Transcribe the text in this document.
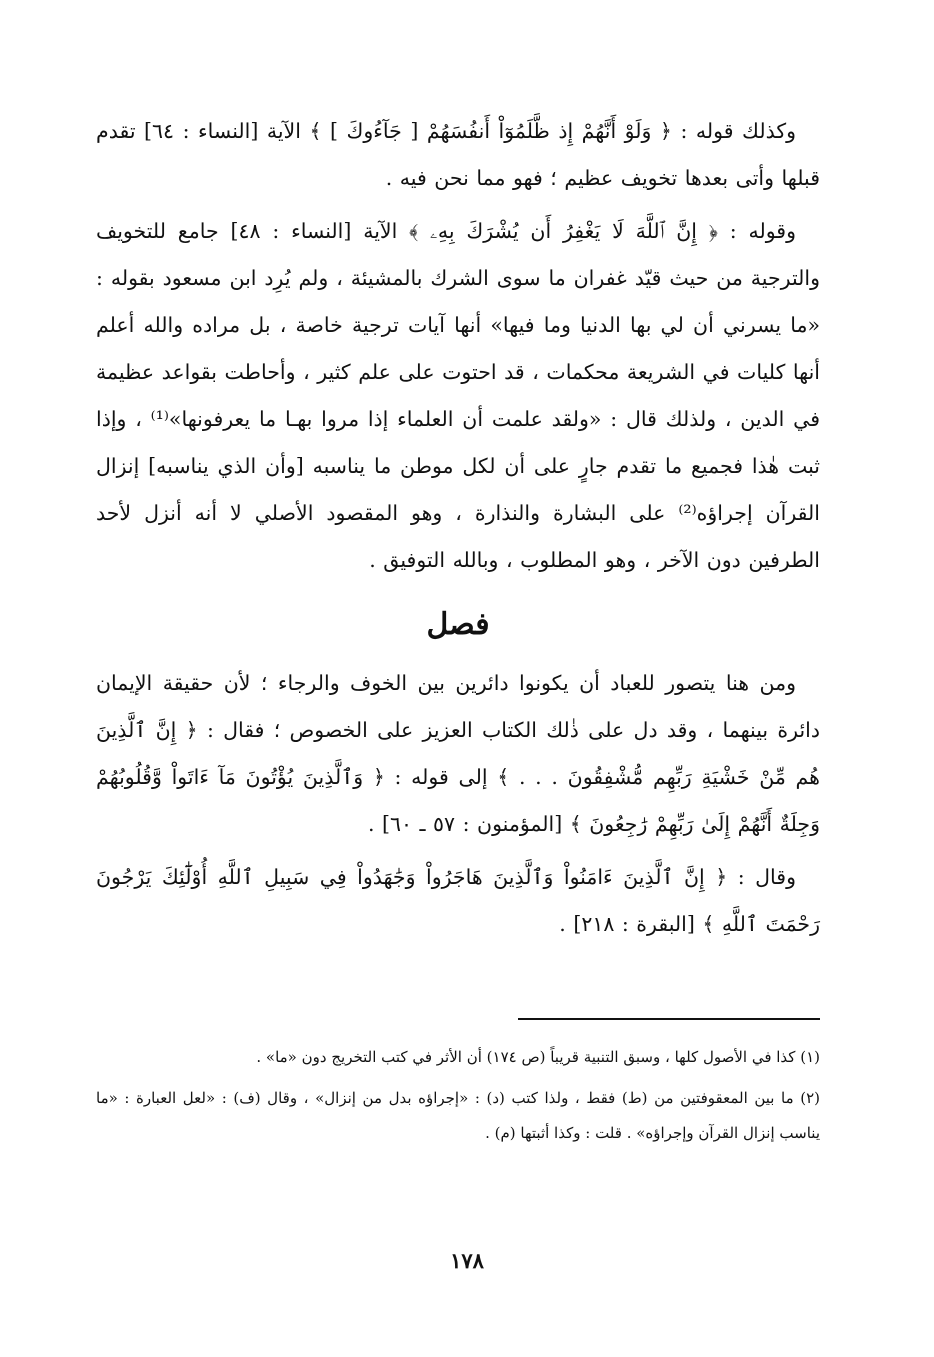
وكذلك قوله : ﴿ وَلَوْ أَنَّهُمْ إِذ ظَّلَمُوٓاْ أَنفُسَهُمْ [ جَآءُوكَ ] ﴾ الآية [النساء : ٦٤] تقدم قبلها وأتى بعدها تخويف عظيم ؛ فهو مما نحن فيه .

وقوله : ﴿ إِنَّ ٱللَّهَ لَا يَغْفِرُ أَن يُشْرَكَ بِهِۦ ﴾ الآية [النساء : ٤٨] جامع للتخويف والترجية من حيث قيّد غفران ما سوى الشرك بالمشيئة ، ولم يُرِد ابن مسعود بقوله : «ما يسرني أن لي بها الدنيا وما فيها» أنها آيات ترجية خاصة ، بل مراده والله أعلم أنها كليات في الشريعة محكمات ، قد احتوت على علم كثير ، وأحاطت بقواعد عظيمة في الدين ، ولذلك قال : «ولقد علمت أن العلماء إذا مروا بهـا ما يعرفونها»⁽¹⁾ ، وإذا ثبت هٰذا فجميع ما تقدم جارٍ على أن لكل موطن ما يناسبه [وأن الذي يناسبه] إنزال القرآن إجراؤه⁽²⁾ على البشارة والنذارة ، وهو المقصود الأصلي لا أنه أنزل لأحد الطرفين دون الآخر ، وهو المطلوب ، وبالله التوفيق .

فصل

ومن هنا يتصور للعباد أن يكونوا دائرين بين الخوف والرجاء ؛ لأن حقيقة الإيمان دائرة بينهما ، وقد دل على ذٰلك الكتاب العزيز على الخصوص ؛ فقال : ﴿ إِنَّ ٱلَّذِينَ هُم مِّنْ خَشْيَةِ رَبِّهِم مُّشْفِقُونَ . . . ﴾ إلى قوله : ﴿ وَٱلَّذِينَ يُؤْتُونَ مَآ ءَاتَواْ وَّقُلُوبُهُمْ وَجِلَةٌ أَنَّهُمْ إِلَىٰ رَبِّهِمْ رَٰجِعُونَ ﴾ [المؤمنون : ٥٧ ـ ٦٠] .

وقال : ﴿ إِنَّ ٱلَّذِينَ ءَامَنُواْ وَٱلَّذِينَ هَاجَرُواْ وَجَٰهَدُواْ فِي سَبِيلِ ٱللَّهِ أُوْلَٰٓئِكَ يَرْجُونَ رَحْمَتَ ٱللَّهِ ﴾ [البقرة : ٢١٨] .

(١) كذا في الأصول كلها ، وسبق التنبية قريباً (ص ١٧٤) أن الأثر في كتب التخريج دون «ما» .

(٢) ما بين المعقوفتين من (ط) فقط ، ولذا كتب (د) : «إجراؤه بدل من إنزال» ، وقال (ف) : «لعل العبارة : «ما يناسب إنزال القرآن وإجراؤه» . قلت : وكذا أثبتها (م) .

١٧٨
